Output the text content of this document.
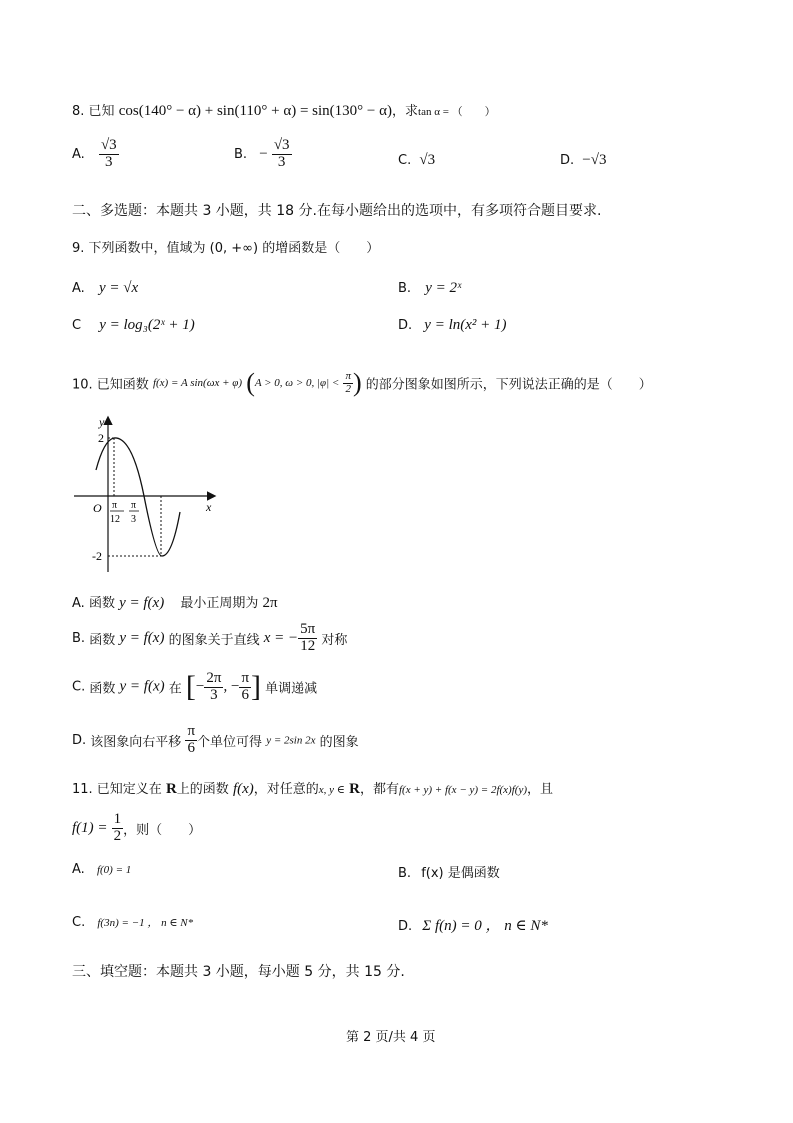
8. 已知 cos(140° − α) + sin(110° + α) = sin(130° − α)，求tan α = （　　）
A. $\frac{√3}{3}$	B. − $\frac{√3}{3}$	C. √3	D. −√3
二、多选题：本题共 3 小题，共 18 分.在每小题给出的选项中，有多项符合题目要求.
9. 下列函数中，值域为 (0, +∞) 的增函数是（　　）
A. y = √x	B. y = 2ˣ
C y = log₃(2ˣ + 1)	D. y = ln(x² + 1)
10. 已知函数 f(x) = A sin(ωx + φ) (A > 0, ω > 0, $|\varphi| < \frac{\pi}{2}$ ) 的部分图象如图所示，下列说法正确的是（　　）
y
x
O
2
-2
π
12
π
3
A. 函数 y = f(x) 最小正周期为 2π
B. 函数 y = f(x) 的图象关于直线 x = − $\frac{5\pi}{12}$ 对称
C. 函数 y = f(x) 在 [− $\frac{2\pi}{3}$ , − $\frac{\pi}{6}$ ] 单调递减
D. 该图象向右平移 $\frac{\pi}{6}$ 个单位可得 y = 2sin 2x 的图象
11. 已知定义在 R上的函数 f(x)，对任意的x, y ∈ R，都有f(x + y) + f(x − y) = 2f(x)f(y)，且
$f(1) = \frac{1}{2}$ ，则（　　）
A. f(0) = 1	B. f(x) 是偶函数
C. f(3n) = −1 ， n ∈ N*	D. Σ f(n) = 0 ， n ∈ N*
三、填空题：本题共 3 小题，每小题 5 分，共 15 分.
第 2 页/共 4 页
